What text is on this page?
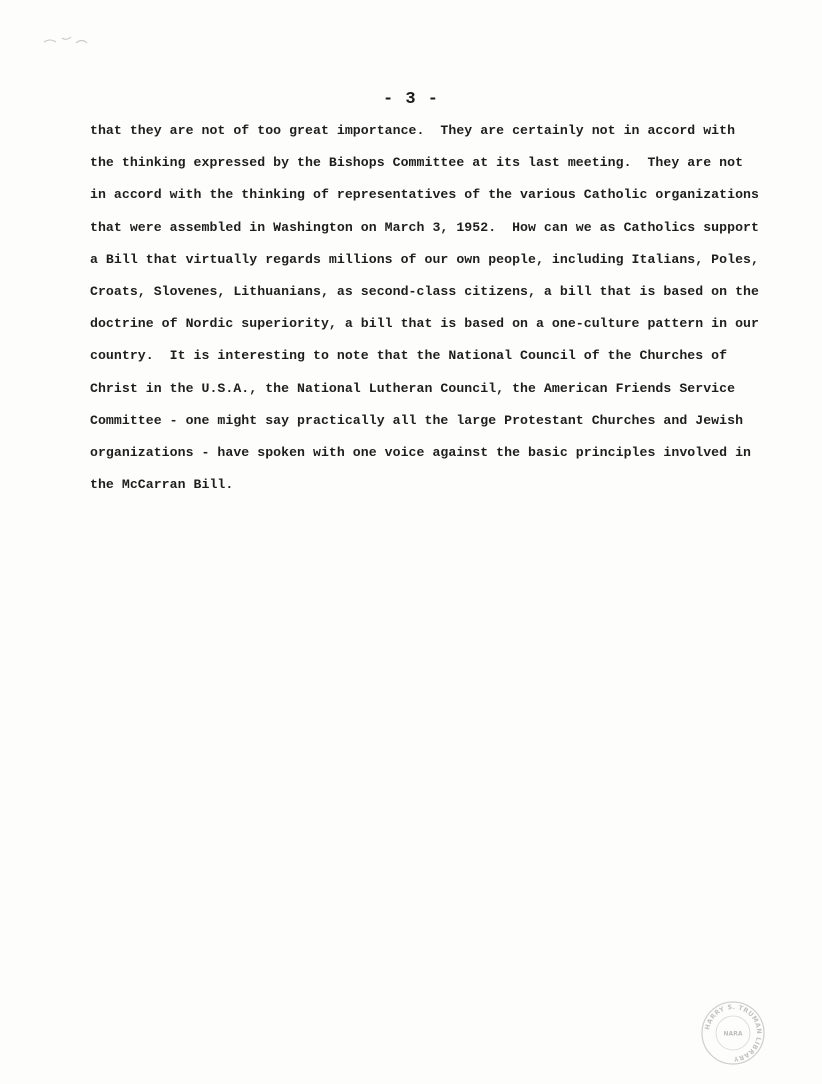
- 3 -
that they are not of too great importance.  They are certainly not in accord with
the thinking expressed by the Bishops Committee at its last meeting.  They are not
in accord with the thinking of representatives of the various Catholic organizations
that were assembled in Washington on March 3, 1952.  How can we as Catholics support
a Bill that virtually regards millions of our own people, including Italians, Poles,
Croats, Slovenes, Lithuanians, as second-class citizens, a bill that is based on the
doctrine of Nordic superiority, a bill that is based on a one-culture pattern in our
country.  It is interesting to note that the National Council of the Churches of
Christ in the U.S.A., the National Lutheran Council, the American Friends Service
Committee - one might say practically all the large Protestant Churches and Jewish
organizations - have spoken with one voice against the basic principles involved in
the McCarran Bill.
HARRY S. TRUMAN LIBRARY
NARA
